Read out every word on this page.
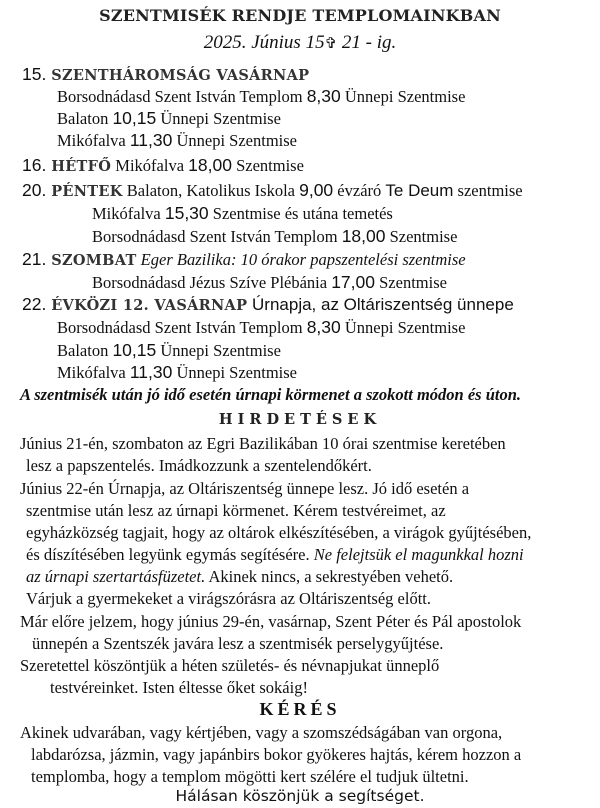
SZENTMISÉK RENDJE TEMPLOMAINKBAN
2025. Június 15✞ 21 - ig.
15. SZENTHÁROMSÁG VASÁRNAP
Borsodnádasd Szent István Templom 8,30 Ünnepi Szentmise
Balaton 10,15 Ünnepi Szentmise
Mikófalva 11,30 Ünnepi Szentmise
16. HÉTFŐ Mikófalva 18,00 Szentmise
20. PÉNTEK Balaton, Katolikus Iskola 9,00 évzáró Te Deum szentmise
Mikófalva 15,30 Szentmise és utána temetés
Borsodnádasd Szent István Templom 18,00 Szentmise
21. SZOMBAT Eger Bazilika: 10 órakor papszentelési szentmise
Borsodnádasd Jézus Szíve Plébánia 17,00 Szentmise
22. ÉVKÖZI 12. VASÁRNAP Úrnapja, az Oltáriszentség ünnepe
Borsodnádasd Szent István Templom 8,30 Ünnepi Szentmise
Balaton 10,15 Ünnepi Szentmise
Mikófalva 11,30 Ünnepi Szentmise
A szentmisék után jó idő esetén úrnapi körmenet a szokott módon és úton.
HIRDETÉSEK
Június 21-én, szombaton az Egri Bazilikában 10 órai szentmise keretében
lesz a papszentelés. Imádkozzunk a szentelendőkért.
Június 22-én Úrnapja, az Oltáriszentség ünnepe lesz. Jó idő esetén a
szentmise után lesz az úrnapi körmenet. Kérem testvéreimet, az
egyházközség tagjait, hogy az oltárok elkészítésében, a virágok gyűjtésében,
és díszítésében legyünk egymás segítésére. Ne felejtsük el magunkkal hozni
az úrnapi szertartásfüzetet. Akinek nincs, a sekrestyében vehető.
Várjuk a gyermekeket a virágszórásra az Oltáriszentség előtt.
Már előre jelzem, hogy június 29-én, vasárnap, Szent Péter és Pál apostolok
ünnepén a Szentszék javára lesz a szentmisék perselygyűjtése.
Szeretettel köszöntjük a héten születés- és névnapjukat ünneplő
testvéreinket. Isten éltesse őket sokáig!
KÉRÉS
Akinek udvarában, vagy kértjében, vagy a szomszédságában van orgona,
labdarózsa, jázmin, vagy japánbirs bokor gyökeres hajtás, kérem hozzon a
templomba, hogy a templom mögötti kert szélére el tudjuk ültetni.
Hálásan köszönjük a segítséget.
